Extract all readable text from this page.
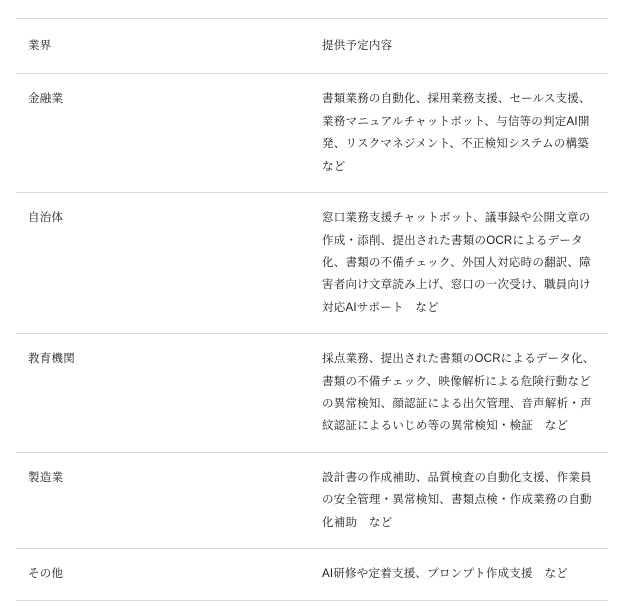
業界	提供予定内容
金融業	書類業務の自動化、採用業務支援、セールス支援、業務マニュアルチャットボット、与信等の判定AI開発、リスクマネジメント、不正検知システムの構築　など
自治体	窓口業務支援チャットボット、議事録や公開文章の作成・添削、提出された書類のOCRによるデータ化、書類の不備チェック、外国人対応時の翻訳、障害者向け文章読み上げ、窓口の一次受け、職員向け対応AIサポート　など
教育機関	採点業務、提出された書類のOCRによるデータ化、書類の不備チェック、映像解析による危険行動などの異常検知、顔認証による出欠管理、音声解析・声紋認証によるいじめ等の異常検知・検証　など
製造業	設計書の作成補助、品質検査の自動化支援、作業員の安全管理・異常検知、書類点検・作成業務の自動化補助　など
その他	AI研修や定着支援、プロンプト作成支援　など
